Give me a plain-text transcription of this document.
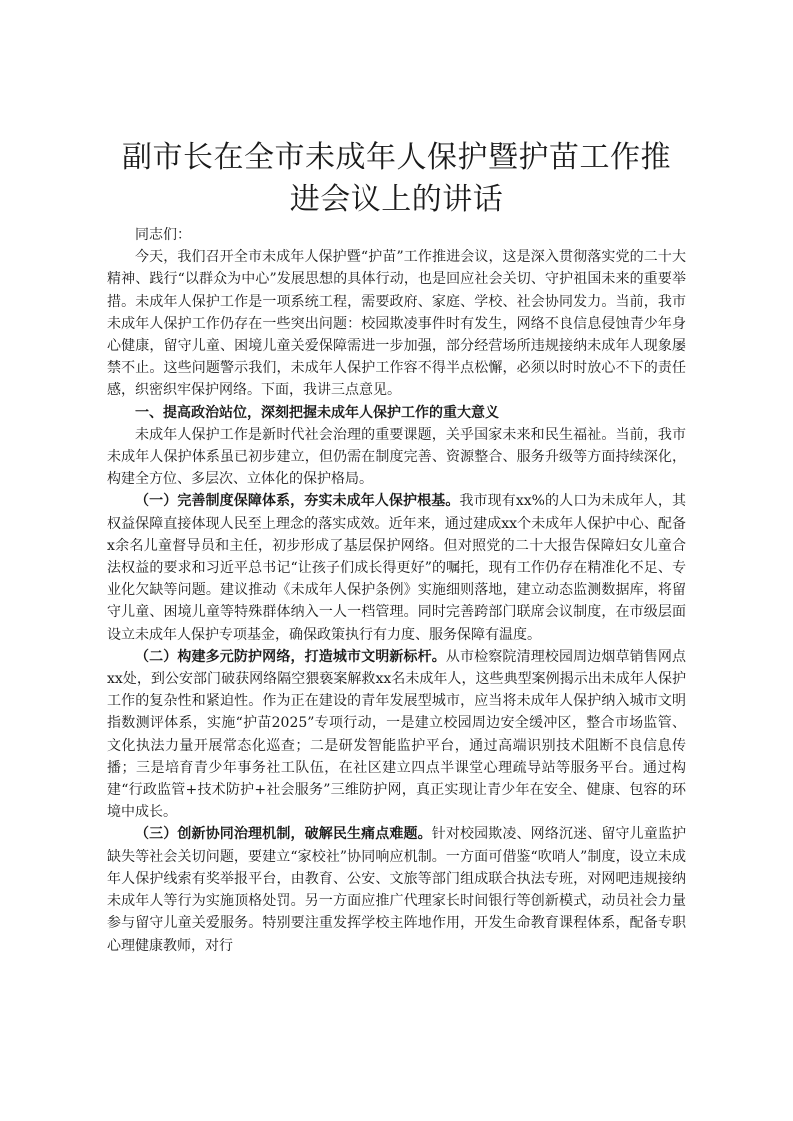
副市长在全市未成年人保护暨护苗工作推进会议上的讲话

同志们：

今天，我们召开全市未成年人保护暨“护苗”工作推进会议，这是深入贯彻落实党的二十大精神、践行“以群众为中心”发展思想的具体行动，也是回应社会关切、守护祖国未来的重要举措。未成年人保护工作是一项系统工程，需要政府、家庭、学校、社会协同发力。当前，我市未成年人保护工作仍存在一些突出问题：校园欺凌事件时有发生，网络不良信息侵蚀青少年身心健康，留守儿童、困境儿童关爱保障需进一步加强，部分经营场所违规接纳未成年人现象屡禁不止。这些问题警示我们，未成年人保护工作容不得半点松懈，必须以时时放心不下的责任感，织密织牢保护网络。下面，我讲三点意见。

一、提高政治站位，深刻把握未成年人保护工作的重大意义

未成年人保护工作是新时代社会治理的重要课题，关乎国家未来和民生福祉。当前，我市未成年人保护体系虽已初步建立，但仍需在制度完善、资源整合、服务升级等方面持续深化，构建全方位、多层次、立体化的保护格局。

（一）完善制度保障体系，夯实未成年人保护根基。我市现有xx%的人口为未成年人，其权益保障直接体现人民至上理念的落实成效。近年来，通过建成xx个未成年人保护中心、配备x余名儿童督导员和主任，初步形成了基层保护网络。但对照党的二十大报告保障妇女儿童合法权益的要求和习近平总书记“让孩子们成长得更好”的嘱托，现有工作仍存在精准化不足、专业化欠缺等问题。建议推动《未成年人保护条例》实施细则落地，建立动态监测数据库，将留守儿童、困境儿童等特殊群体纳入一人一档管理。同时完善跨部门联席会议制度，在市级层面设立未成年人保护专项基金，确保政策执行有力度、服务保障有温度。

（二）构建多元防护网络，打造城市文明新标杆。从市检察院清理校园周边烟草销售网点xx处，到公安部门破获网络隔空猥亵案解救xx名未成年人，这些典型案例揭示出未成年人保护工作的复杂性和紧迫性。作为正在建设的青年发展型城市，应当将未成年人保护纳入城市文明指数测评体系，实施“护苗2025”专项行动，一是建立校园周边安全缓冲区，整合市场监管、文化执法力量开展常态化巡查；二是研发智能监护平台，通过高端识别技术阻断不良信息传播；三是培育青少年事务社工队伍，在社区建立四点半课堂心理疏导站等服务平台。通过构建“行政监管+技术防护+社会服务”三维防护网，真正实现让青少年在安全、健康、包容的环境中成长。

（三）创新协同治理机制，破解民生痛点难题。针对校园欺凌、网络沉迷、留守儿童监护缺失等社会关切问题，要建立“家校社”协同响应机制。一方面可借鉴“吹哨人”制度，设立未成年人保护线索有奖举报平台，由教育、公安、文旅等部门组成联合执法专班，对网吧违规接纳未成年人等行为实施顶格处罚。另一方面应推广代理家长时间银行等创新模式，动员社会力量参与留守儿童关爱服务。特别要注重发挥学校主阵地作用，开发生命教育课程体系，配备专职心理健康教师，对行
